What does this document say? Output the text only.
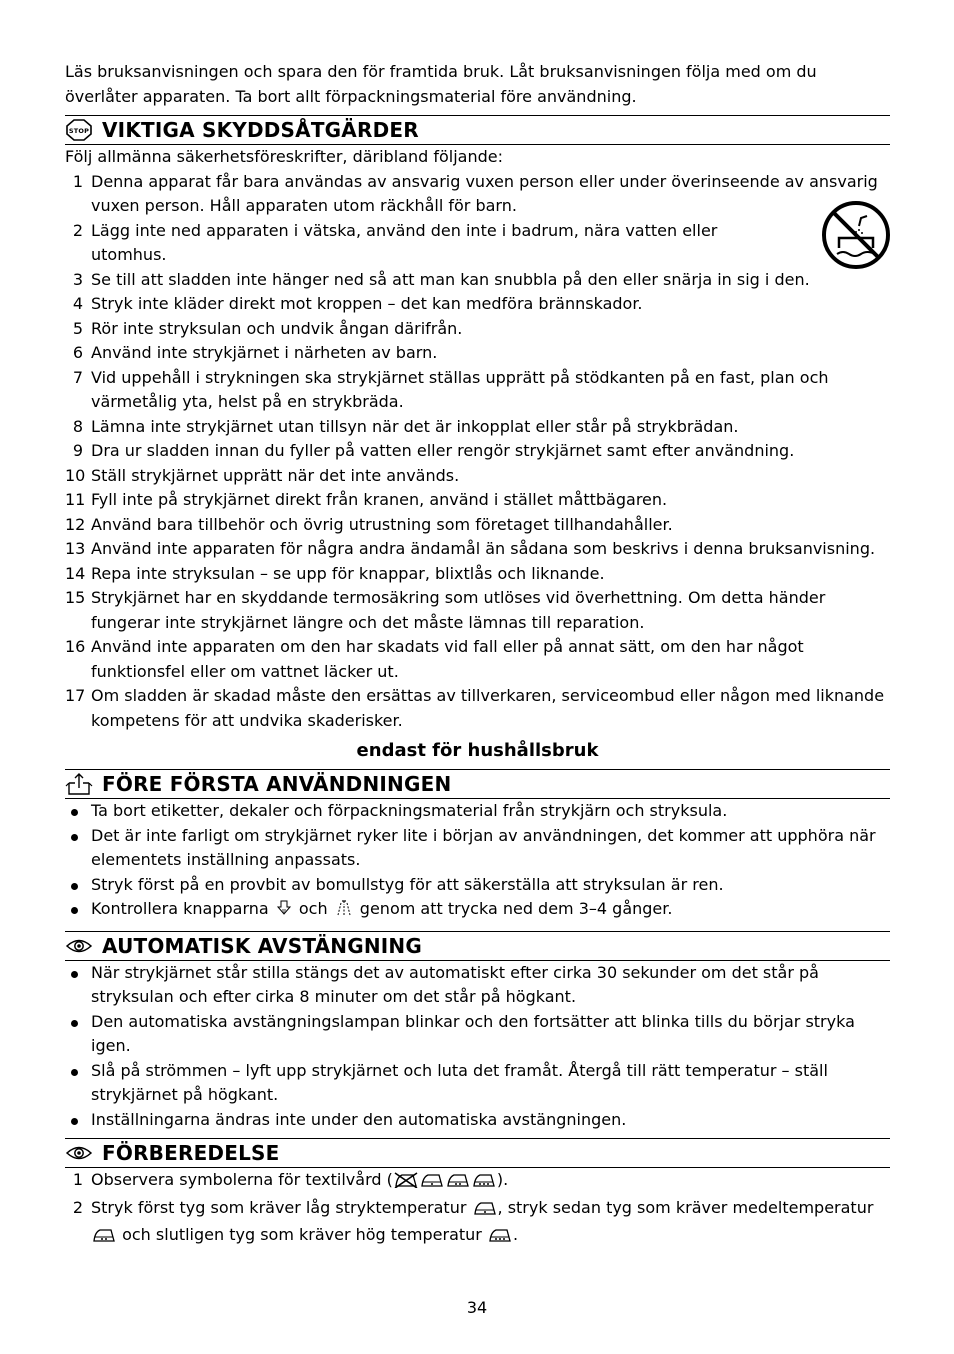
Läs bruksanvisningen och spara den för framtida bruk. Låt bruksanvisningen följa med om du överlåter apparaten. Ta bort allt förpackningsmaterial före användning.

STOP VIKTIGA SKYDDSÅTGÄRDER

Följ allmänna säkerhetsföreskrifter, däribland följande:

1 Denna apparat får bara användas av ansvarig vuxen person eller under överinseende av ansvarig vuxen person. Håll apparaten utom räckhåll för barn.
2 Lägg inte ned apparaten i vätska, använd den inte i badrum, nära vatten eller utomhus.
3 Se till att sladden inte hänger ned så att man kan snubbla på den eller snärja in sig i den.
4 Stryk inte kläder direkt mot kroppen – det kan medföra brännskador.
5 Rör inte stryksulan och undvik ångan därifrån.
6 Använd inte strykjärnet i närheten av barn.
7 Vid uppehåll i strykningen ska strykjärnet ställas upprätt på stödkanten på en fast, plan och värmetålig yta, helst på en strykbräda.
8 Lämna inte strykjärnet utan tillsyn när det är inkopplat eller står på strykbrädan.
9 Dra ur sladden innan du fyller på vatten eller rengör strykjärnet samt efter användning.
10 Ställ strykjärnet upprätt när det inte används.
11 Fyll inte på strykjärnet direkt från kranen, använd i stället måttbägaren.
12 Använd bara tillbehör och övrig utrustning som företaget tillhandahåller.
13 Använd inte apparaten för några andra ändamål än sådana som beskrivs i denna bruksanvisning.
14 Repa inte stryksulan – se upp för knappar, blixtlås och liknande.
15 Strykjärnet har en skyddande termosäkring som utlöses vid överhettning. Om detta händer fungerar inte strykjärnet längre och det måste lämnas till reparation.
16 Använd inte apparaten om den har skadats vid fall eller på annat sätt, om den har något funktionsfel eller om vattnet läcker ut.
17 Om sladden är skadad måste den ersättas av tillverkaren, serviceombud eller någon med liknande kompetens för att undvika skaderisker.
endast för hushållsbruk
FÖRE FÖRSTA ANVÄNDNINGEN
Ta bort etiketter, dekaler och förpackningsmaterial från strykjärn och stryksula.
Det är inte farligt om strykjärnet ryker lite i början av användningen, det kommer att upphöra när elementets inställning anpassats.
Stryk först på en provbit av bomullstyg för att säkerställa att stryksulan är ren.
Kontrollera knapparna och genom att trycka ned dem 3–4 gånger.
AUTOMATISK AVSTÄNGNING
När strykjärnet står stilla stängs det av automatiskt efter cirka 30 sekunder om det står på stryksulan och efter cirka 8 minuter om det står på högkant.
Den automatiska avstängningslampan blinkar och den fortsätter att blinka tills du börjar stryka igen.
Slå på strömmen – lyft upp strykjärnet och luta det framåt. Återgå till rätt temperatur – ställ strykjärnet på högkant.
Inställningarna ändras inte under den automatiska avstängningen.
FÖRBEREDELSE
1 Observera symbolerna för textilvård (	).
2 Stryk först tyg som kräver låg stryktemperatur , stryk sedan tyg som kräver medeltemperatur  och slutligen tyg som kräver hög temperatur .
34
